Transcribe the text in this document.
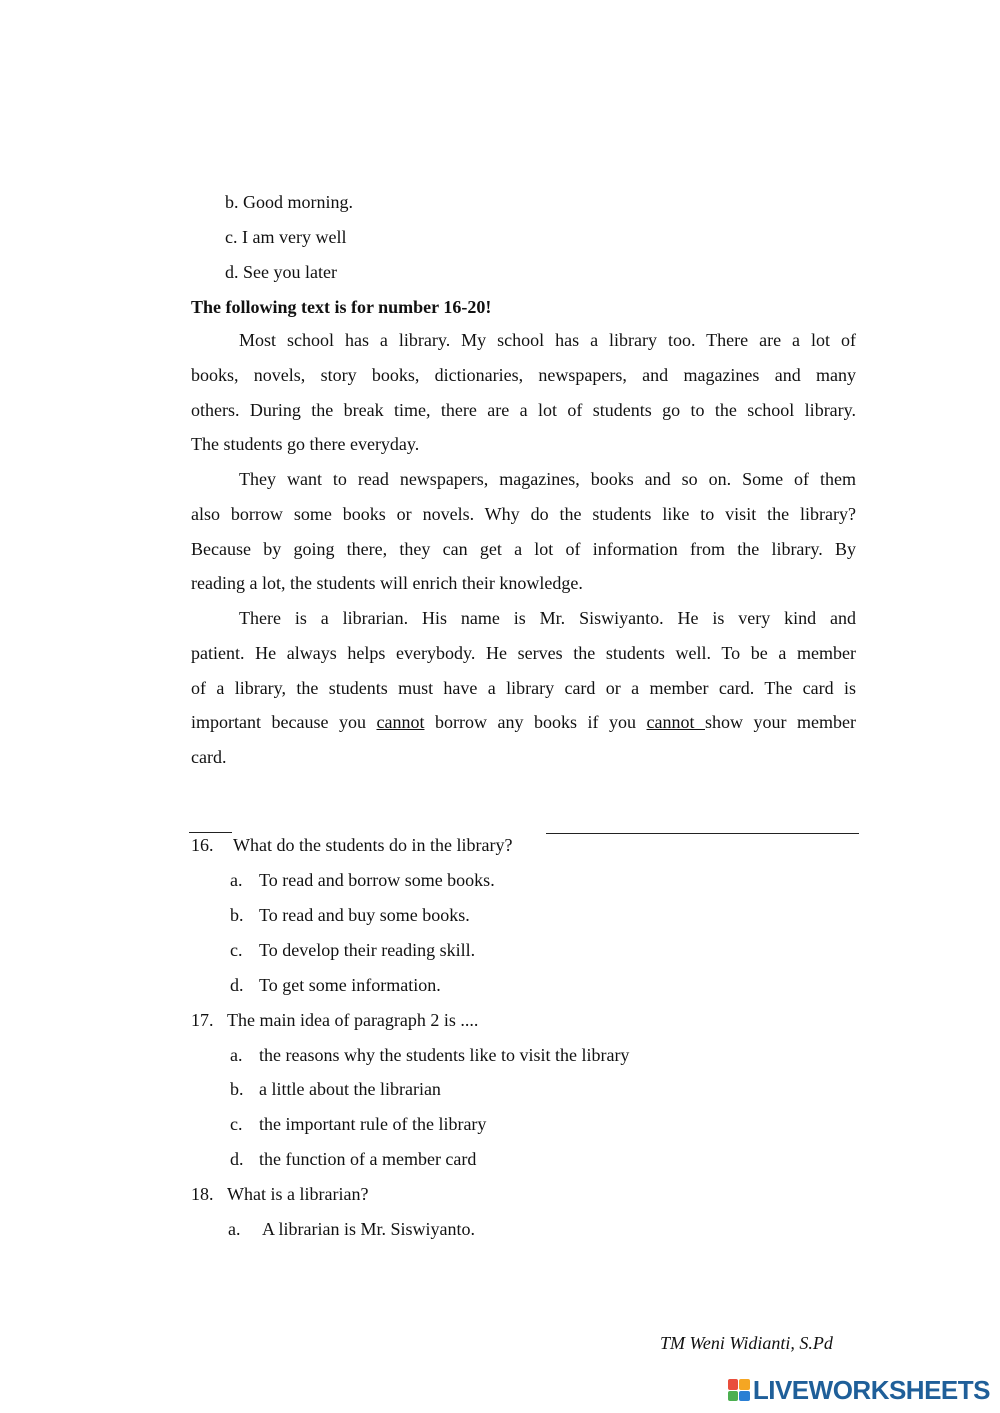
b. Good morning.
c. I am very well
d. See you later
The following text is for number 16-20!
Most school has a library. My school has a library too. There are a lot of
books, novels, story books, dictionaries, newspapers, and magazines and many
others. During the break time, there are a lot of students go to the school library.
The students go there everyday.
They want to read newspapers, magazines, books and so on. Some of them
also borrow some books or novels. Why do the students like to visit the library?
Because by going there, they can get a lot of information from the library. By
reading a lot, the students will enrich their knowledge.
There is a librarian. His name is Mr. Siswiyanto. He is very kind and
patient. He always helps everybody. He serves the students well. To be a member
of a library, the students must have a library card or a member card. The card is
important because you cannot borrow any books if you cannot show your member
card.
16. What do the students do in the library?
a. To read and borrow some books.
b. To read and buy some books.
c. To develop their reading skill.
d. To get some information.
17. The main idea of paragraph 2 is ....
a. the reasons why the students like to visit the library
b. a little about the librarian
c. the important rule of the library
d. the function of a member card
18. What is a librarian?
a. A librarian is Mr. Siswiyanto.
TM Weni Widianti, S.Pd
LIVEWORKSHEETS
